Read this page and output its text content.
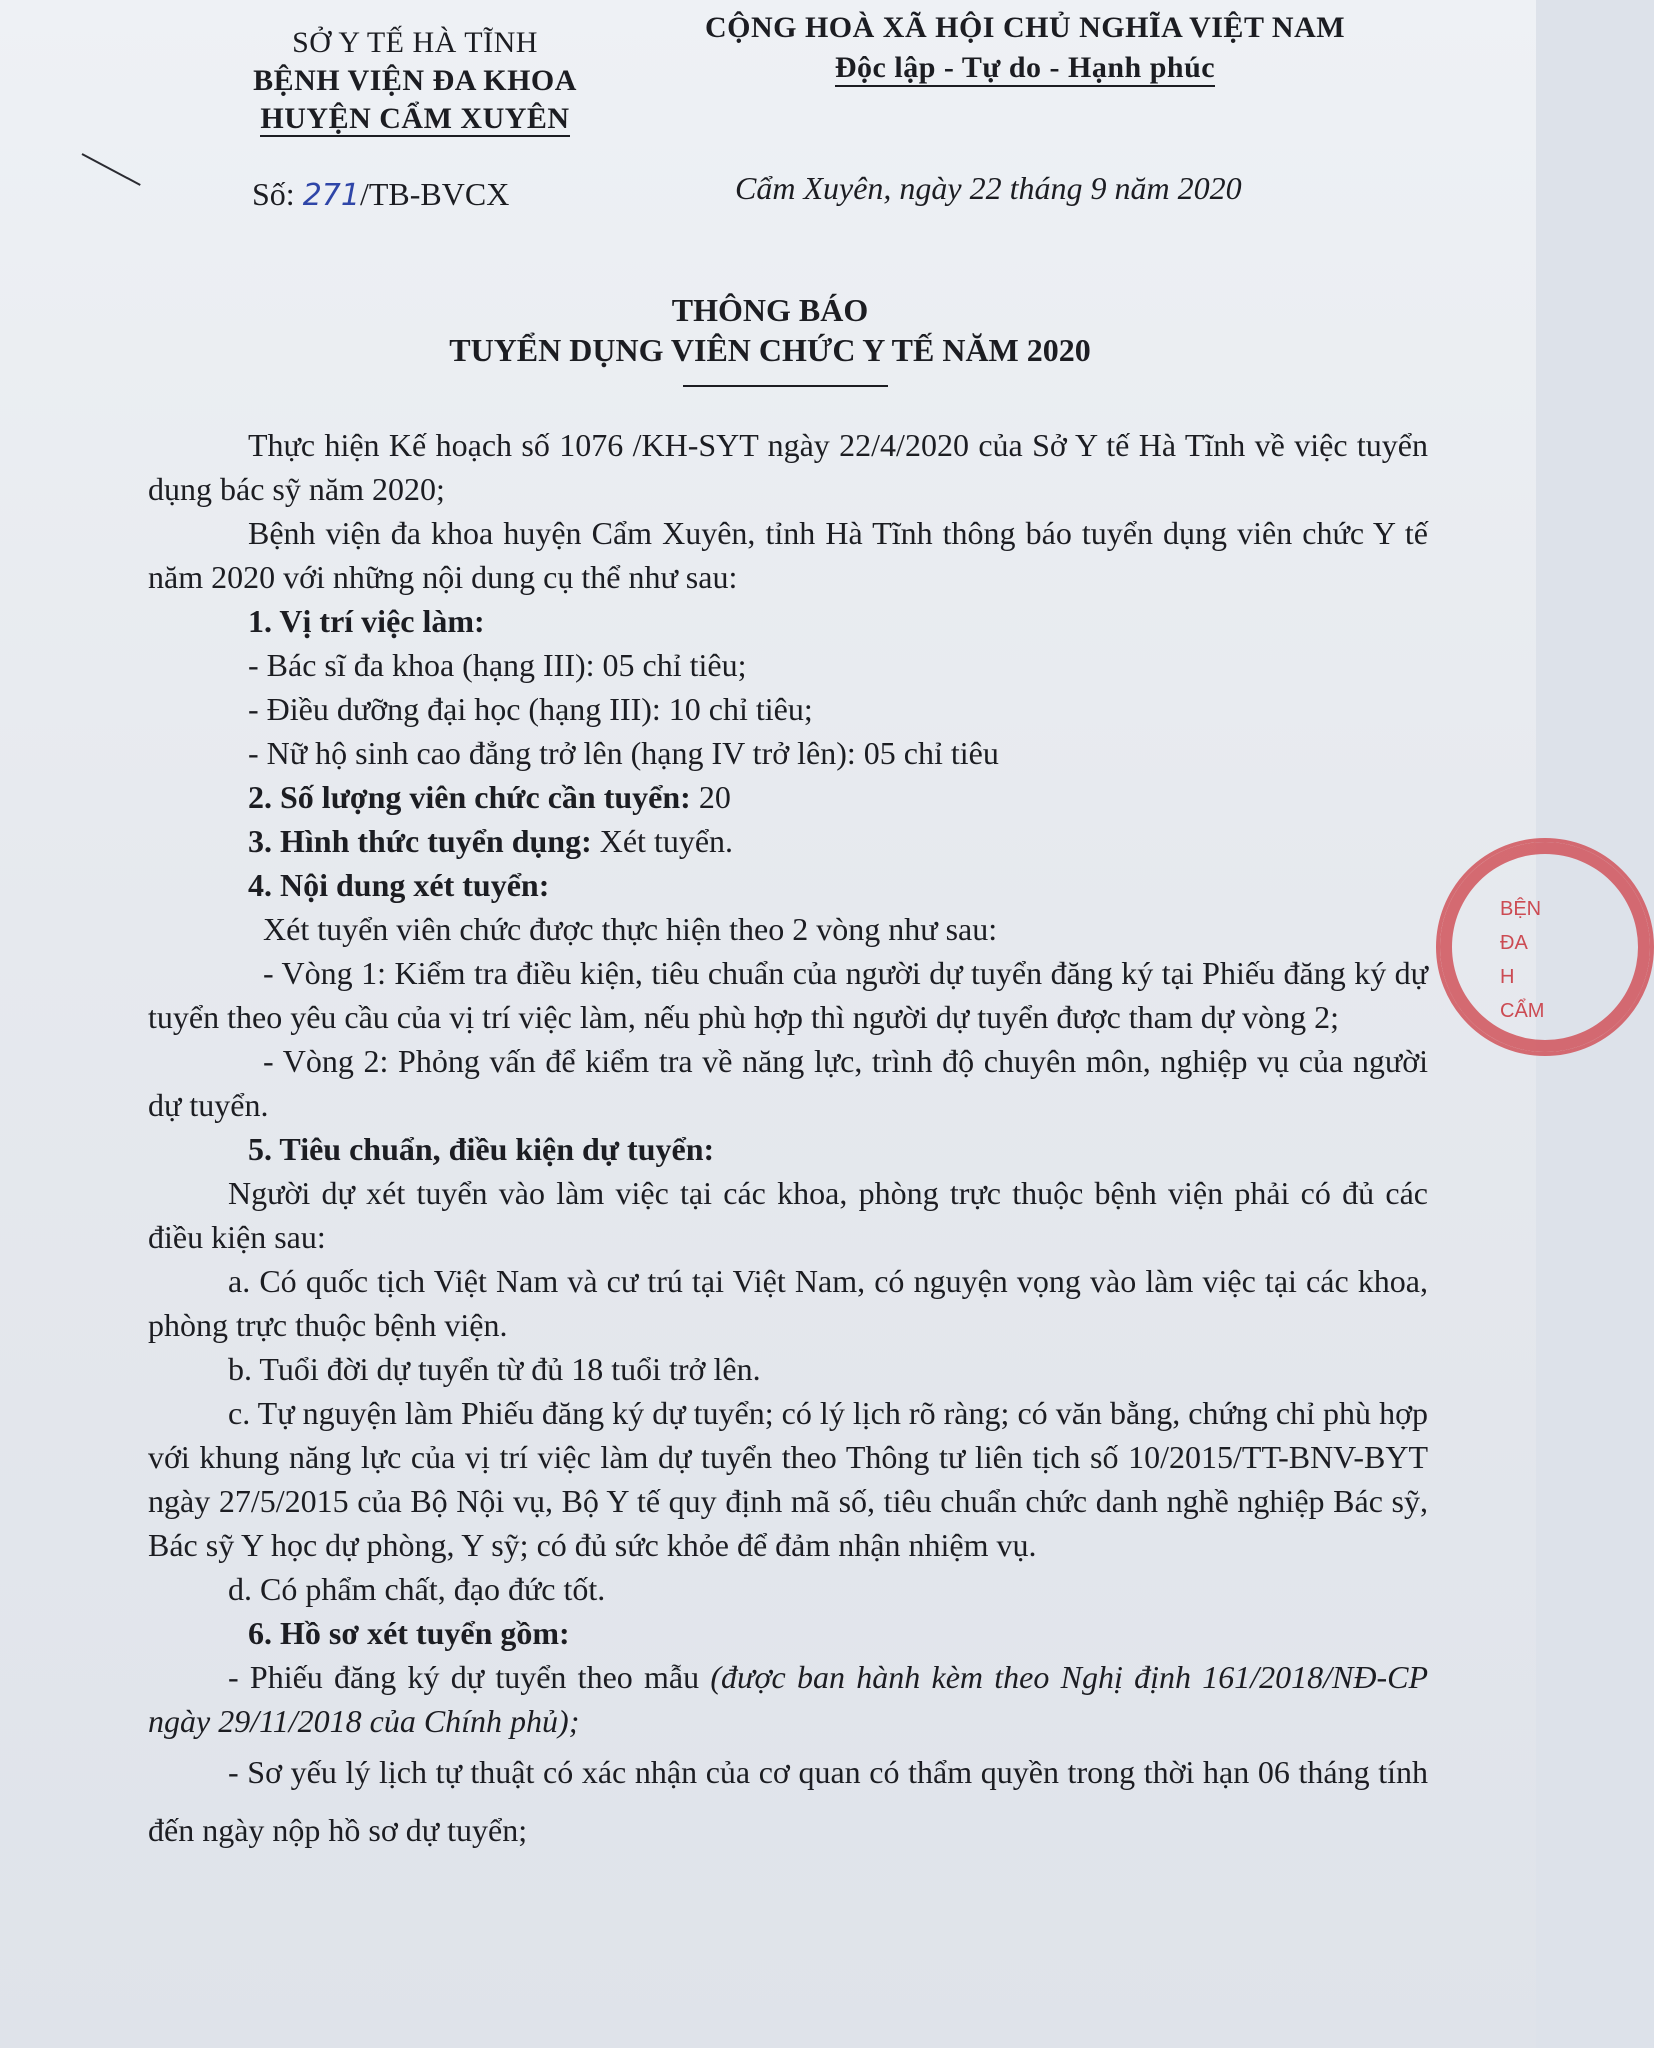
SỞ Y TẾ HÀ TĨNH
BỆNH VIỆN ĐA KHOA
HUYỆN CẨM XUYÊN
CỘNG HOÀ XÃ HỘI CHỦ NGHĨA VIỆT NAM
Độc lập - Tự do - Hạnh phúc
Số: 271/TB-BVCX	Cẩm Xuyên, ngày 22 tháng 9 năm 2020
THÔNG BÁO
TUYỂN DỤNG VIÊN CHỨC Y TẾ NĂM 2020

Thực hiện Kế hoạch số 1076 /KH-SYT ngày 22/4/2020 của Sở Y tế Hà Tĩnh về việc tuyển dụng bác sỹ năm 2020;

Bệnh viện đa khoa huyện Cẩm Xuyên, tỉnh Hà Tĩnh thông báo tuyển dụng viên chức Y tế năm 2020 với những nội dung cụ thể như sau:

1. Vị trí việc làm:

- Bác sĩ đa khoa (hạng III): 05 chỉ tiêu;

- Điều dưỡng đại học (hạng III): 10 chỉ tiêu;

- Nữ hộ sinh cao đẳng trở lên (hạng IV trở lên): 05 chỉ tiêu

2. Số lượng viên chức cần tuyển: 20

3. Hình thức tuyển dụng: Xét tuyển.

4. Nội dung xét tuyển:

Xét tuyển viên chức được thực hiện theo 2 vòng như sau:

- Vòng 1: Kiểm tra điều kiện, tiêu chuẩn của người dự tuyển đăng ký tại Phiếu đăng ký dự tuyển theo yêu cầu của vị trí việc làm, nếu phù hợp thì người dự tuyển được tham dự vòng 2;

- Vòng 2: Phỏng vấn để kiểm tra về năng lực, trình độ chuyên môn, nghiệp vụ của người dự tuyển.

5. Tiêu chuẩn, điều kiện dự tuyển:

Người dự xét tuyển vào làm việc tại các khoa, phòng trực thuộc bệnh viện phải có đủ các điều kiện sau:

a. Có quốc tịch Việt Nam và cư trú tại Việt Nam, có nguyện vọng vào làm việc tại các khoa, phòng trực thuộc bệnh viện.

b. Tuổi đời dự tuyển từ đủ 18 tuổi trở lên.

c. Tự nguyện làm Phiếu đăng ký dự tuyển; có lý lịch rõ ràng; có văn bằng, chứng chỉ phù hợp với khung năng lực của vị trí việc làm dự tuyển theo Thông tư liên tịch số 10/2015/TT-BNV-BYT ngày 27/5/2015 của Bộ Nội vụ, Bộ Y tế quy định mã số, tiêu chuẩn chức danh nghề nghiệp Bác sỹ, Bác sỹ Y học dự phòng, Y sỹ; có đủ sức khỏe để đảm nhận nhiệm vụ.

d. Có phẩm chất, đạo đức tốt.

6. Hồ sơ xét tuyển gồm:

- Phiếu đăng ký dự tuyển theo mẫu (được ban hành kèm theo Nghị định 161/2018/NĐ-CP ngày 29/11/2018 của Chính phủ);

- Sơ yếu lý lịch tự thuật có xác nhận của cơ quan có thẩm quyền trong thời hạn 06 tháng tính đến ngày nộp hồ sơ dự tuyển;

BỆN
ĐA
H
CẨM
